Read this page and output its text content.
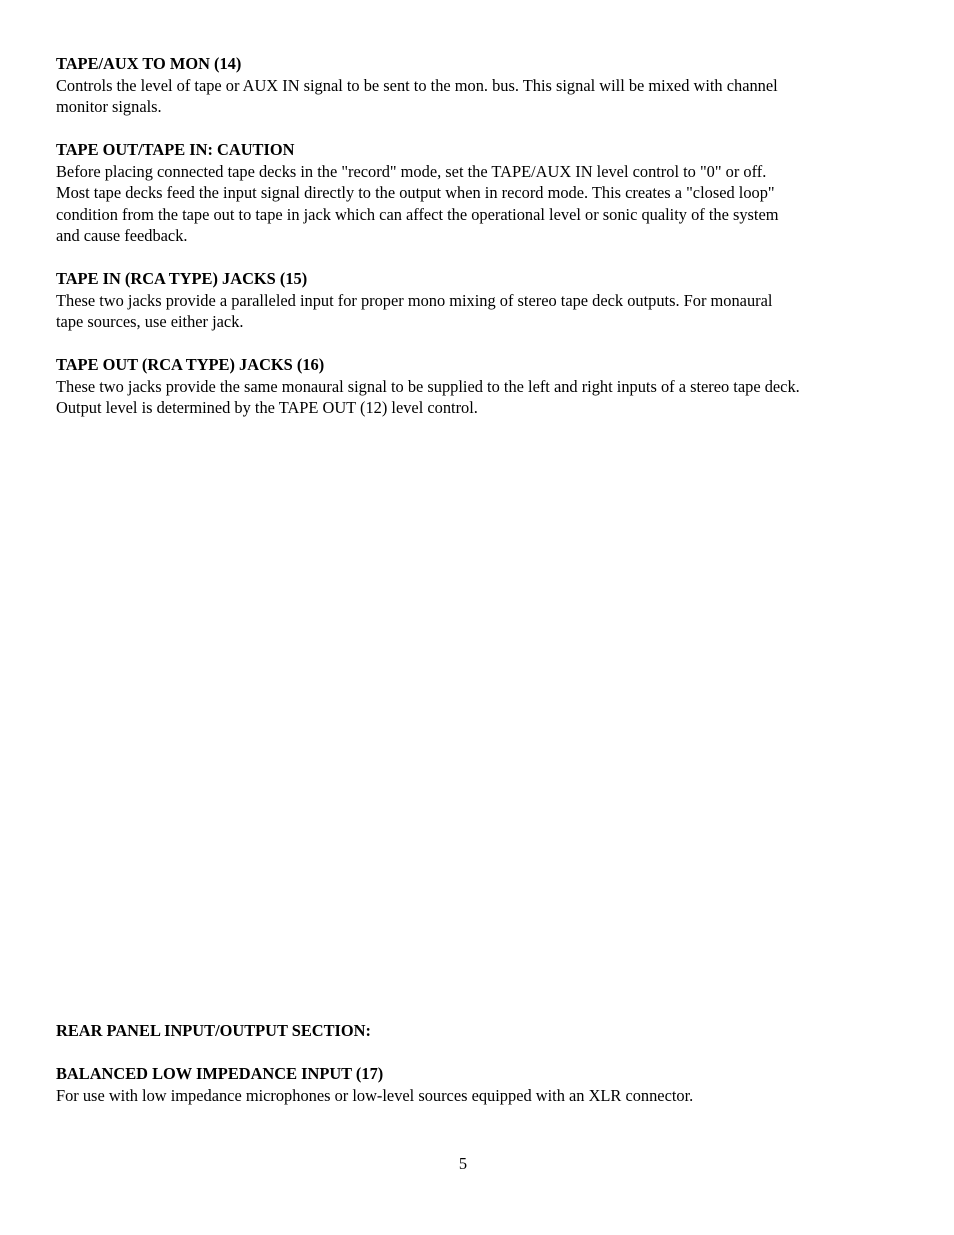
TAPE/AUX TO MON (14)

Controls the level of tape or AUX IN signal to be sent to the mon. bus. This signal will be mixed with channel
monitor signals.

TAPE OUT/TAPE IN: CAUTION

Before placing connected tape decks in the "record" mode, set the TAPE/AUX IN level control to "0" or off.
Most tape decks feed the input signal directly to the output when in record mode. This creates a "closed loop"
condition from the tape out to tape in jack which can affect the operational level or sonic quality of the system
and cause feedback.

TAPE IN (RCA TYPE) JACKS (15)

These two jacks provide a paralleled input for proper mono mixing of stereo tape deck outputs. For monaural
tape sources, use either jack.

TAPE OUT (RCA TYPE) JACKS (16)

These two jacks provide the same monaural signal to be supplied to the left and right inputs of a stereo tape deck.
Output level is determined by the TAPE OUT (12) level control.

REAR PANEL INPUT/OUTPUT SECTION:

BALANCED LOW IMPEDANCE INPUT (17)

For use with low impedance microphones or low-level sources equipped with an XLR connector.

5
